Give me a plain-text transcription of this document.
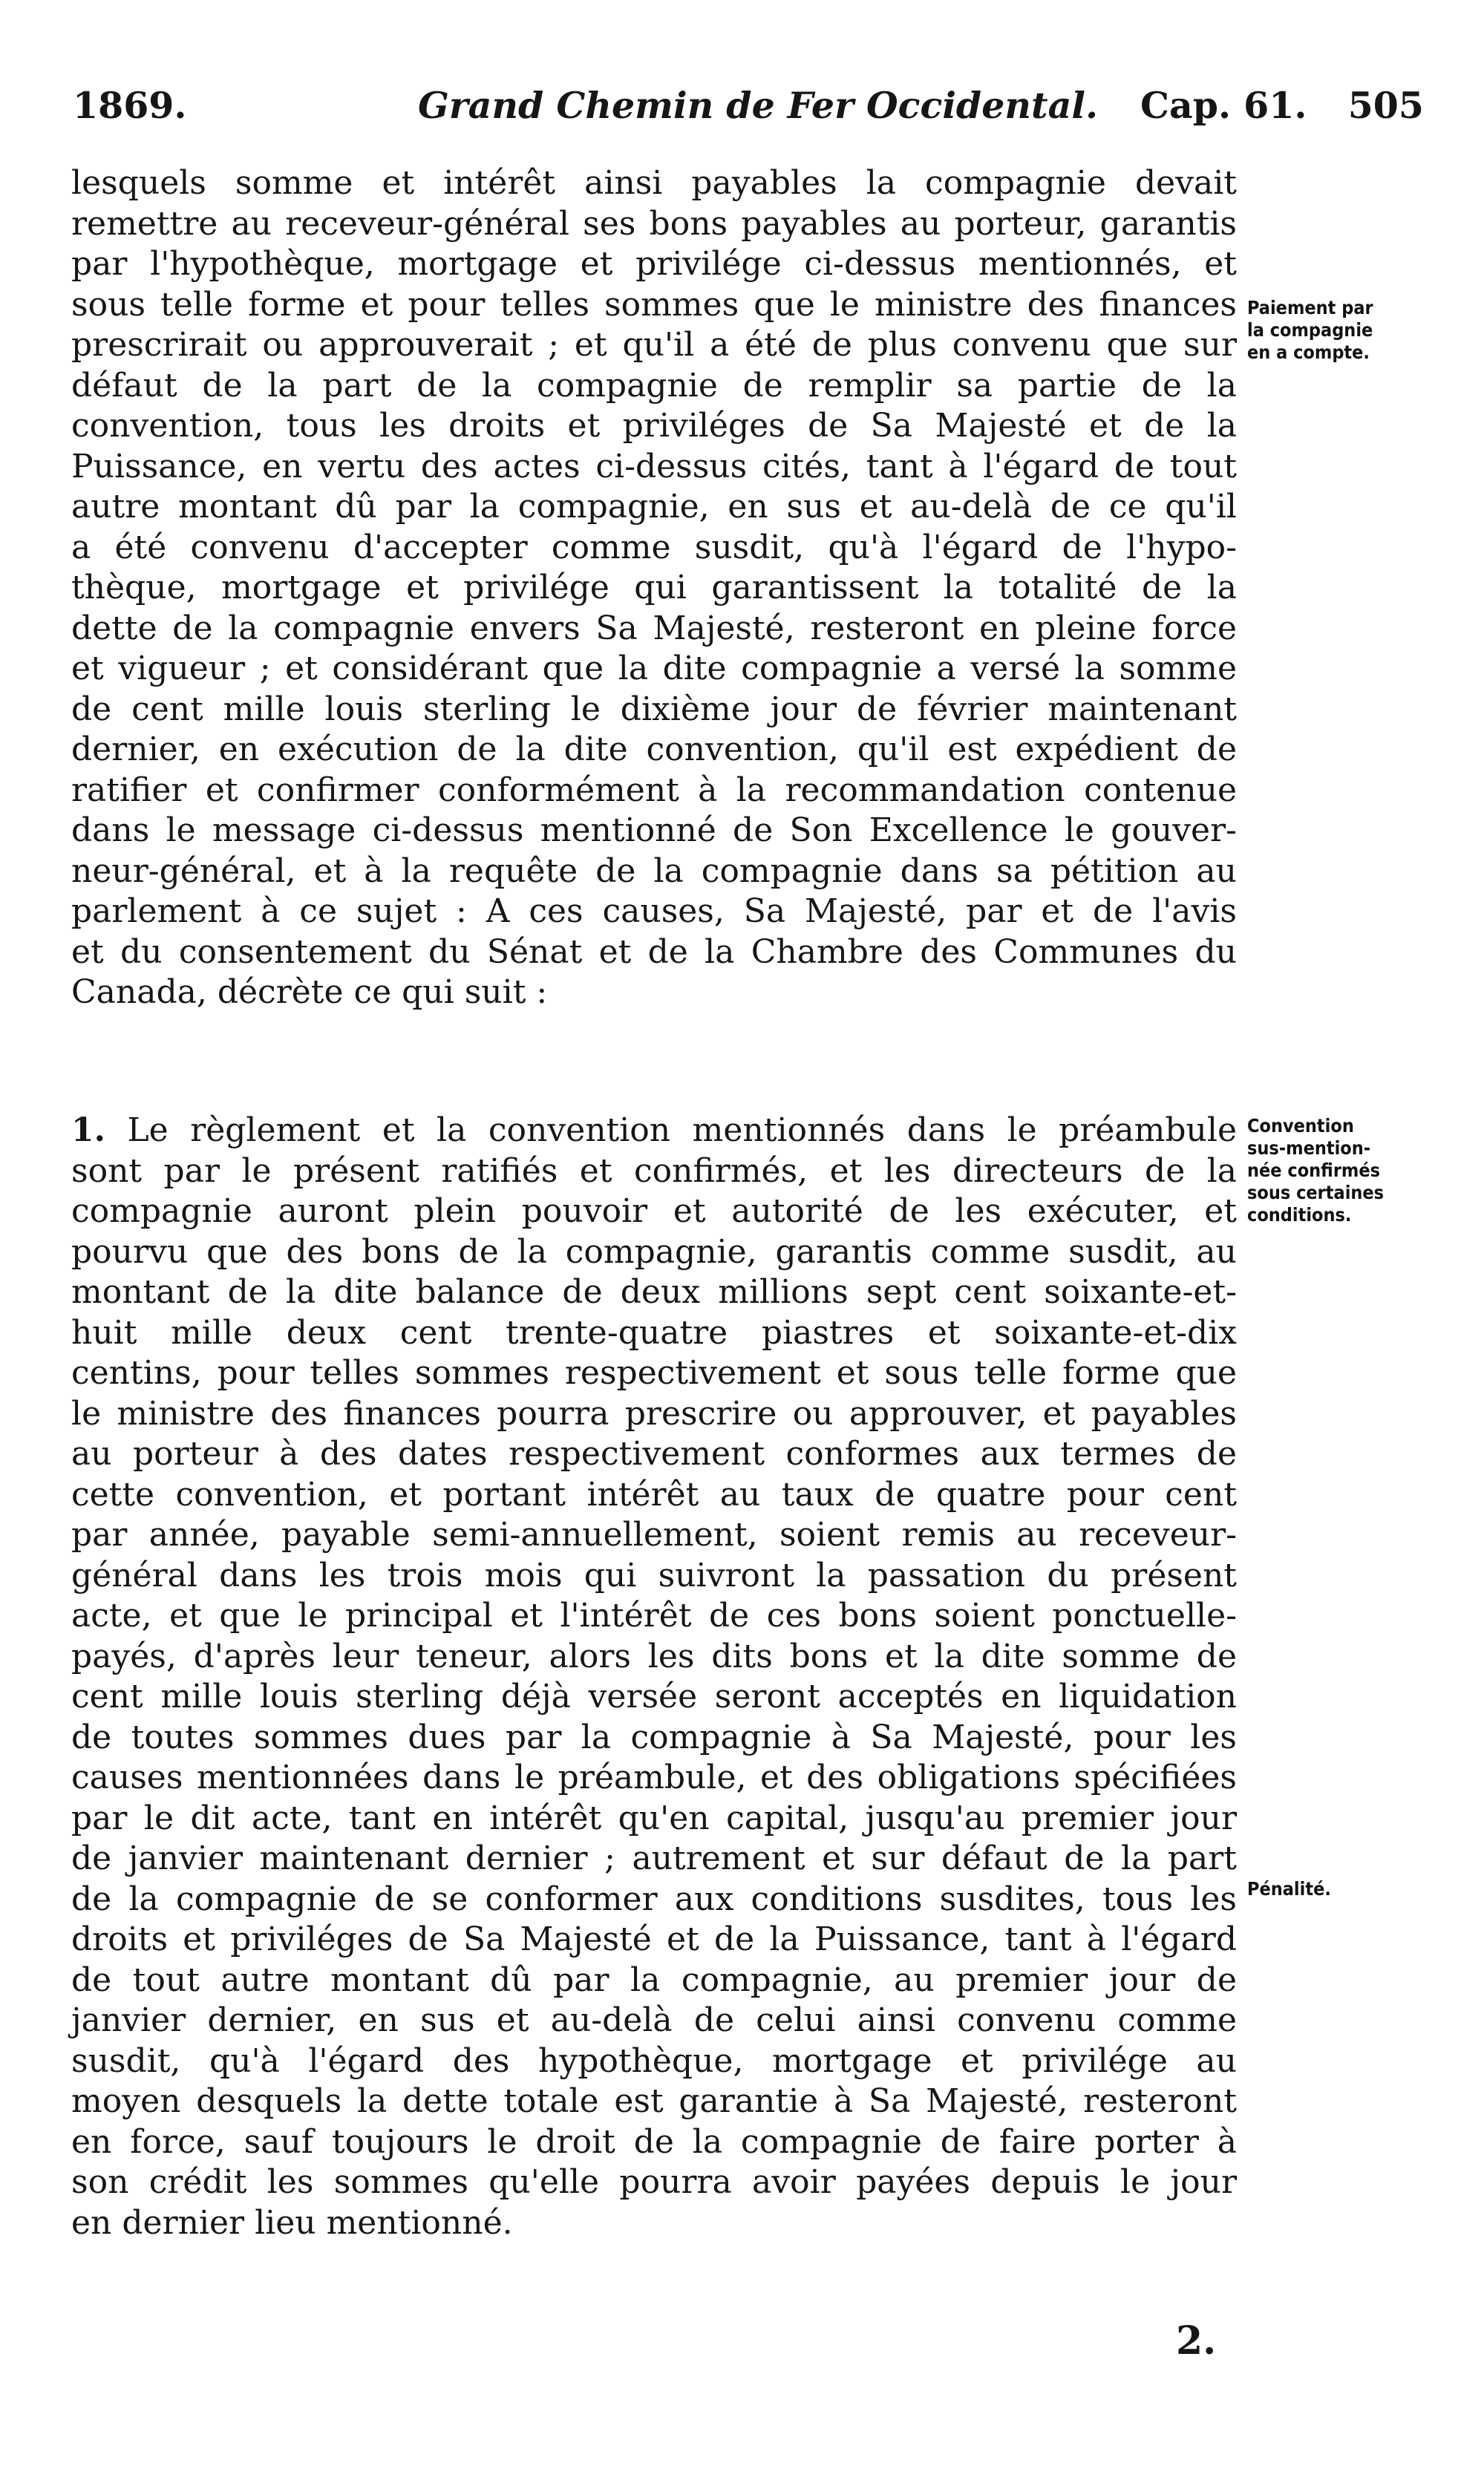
1869.	Grand Chemin de Fer Occidental. Cap. 61. 505
lesquels somme et intérêt ainsi payables la compagnie devait
remettre au receveur-général ses bons payables au porteur, garantis
par l'hypothèque, mortgage et privilége ci-dessus mentionnés, et
sous telle forme et pour telles sommes que le ministre des finances
prescrirait ou approuverait ; et qu'il a été de plus convenu que sur
défaut de la part de la compagnie de remplir sa partie de la
convention, tous les droits et priviléges de Sa Majesté et de la
Puissance, en vertu des actes ci-dessus cités, tant à l'égard de tout
autre montant dû par la compagnie, en sus et au-delà de ce qu'il
a été convenu d'accepter comme susdit, qu'à l'égard de l'hypo-
thèque, mortgage et privilége qui garantissent la totalité de la
dette de la compagnie envers Sa Majesté, resteront en pleine force
et vigueur ; et considérant que la dite compagnie a versé la somme
de cent mille louis sterling le dixième jour de février maintenant
dernier, en exécution de la dite convention, qu'il est expédient de
ratifier et confirmer conformément à la recommandation contenue
dans le message ci-dessus mentionné de Son Excellence le gouver-
neur-général, et à la requête de la compagnie dans sa pétition au
parlement à ce sujet : A ces causes, Sa Majesté, par et de l'avis
et du consentement du Sénat et de la Chambre des Communes du
Canada, décrète ce qui suit :
1. Le règlement et la convention mentionnés dans le préambule
sont par le présent ratifiés et confirmés, et les directeurs de la
compagnie auront plein pouvoir et autorité de les exécuter, et
pourvu que des bons de la compagnie, garantis comme susdit, au
montant de la dite balance de deux millions sept cent soixante-et-
huit mille deux cent trente-quatre piastres et soixante-et-dix
centins, pour telles sommes respectivement et sous telle forme que
le ministre des finances pourra prescrire ou approuver, et payables
au porteur à des dates respectivement conformes aux termes de
cette convention, et portant intérêt au taux de quatre pour cent
par année, payable semi-annuellement, soient remis au receveur-
général dans les trois mois qui suivront la passation du présent
acte, et que le principal et l'intérêt de ces bons soient ponctuelle-
payés, d'après leur teneur, alors les dits bons et la dite somme de
cent mille louis sterling déjà versée seront acceptés en liquidation
de toutes sommes dues par la compagnie à Sa Majesté, pour les
causes mentionnées dans le préambule, et des obligations spécifiées
par le dit acte, tant en intérêt qu'en capital, jusqu'au premier jour
de janvier maintenant dernier ; autrement et sur défaut de la part
de la compagnie de se conformer aux conditions susdites, tous les
droits et priviléges de Sa Majesté et de la Puissance, tant à l'égard
de tout autre montant dû par la compagnie, au premier jour de
janvier dernier, en sus et au-delà de celui ainsi convenu comme
susdit, qu'à l'égard des hypothèque, mortgage et privilége au
moyen desquels la dette totale est garantie à Sa Majesté, resteront
en force, sauf toujours le droit de la compagnie de faire porter à
son crédit les sommes qu'elle pourra avoir payées depuis le jour
en dernier lieu mentionné.
Paiement par
la compagnie
en a compte.
Convention
sus-mention-
née confirmés
sous certaines
conditions.
Pénalité.
2.
